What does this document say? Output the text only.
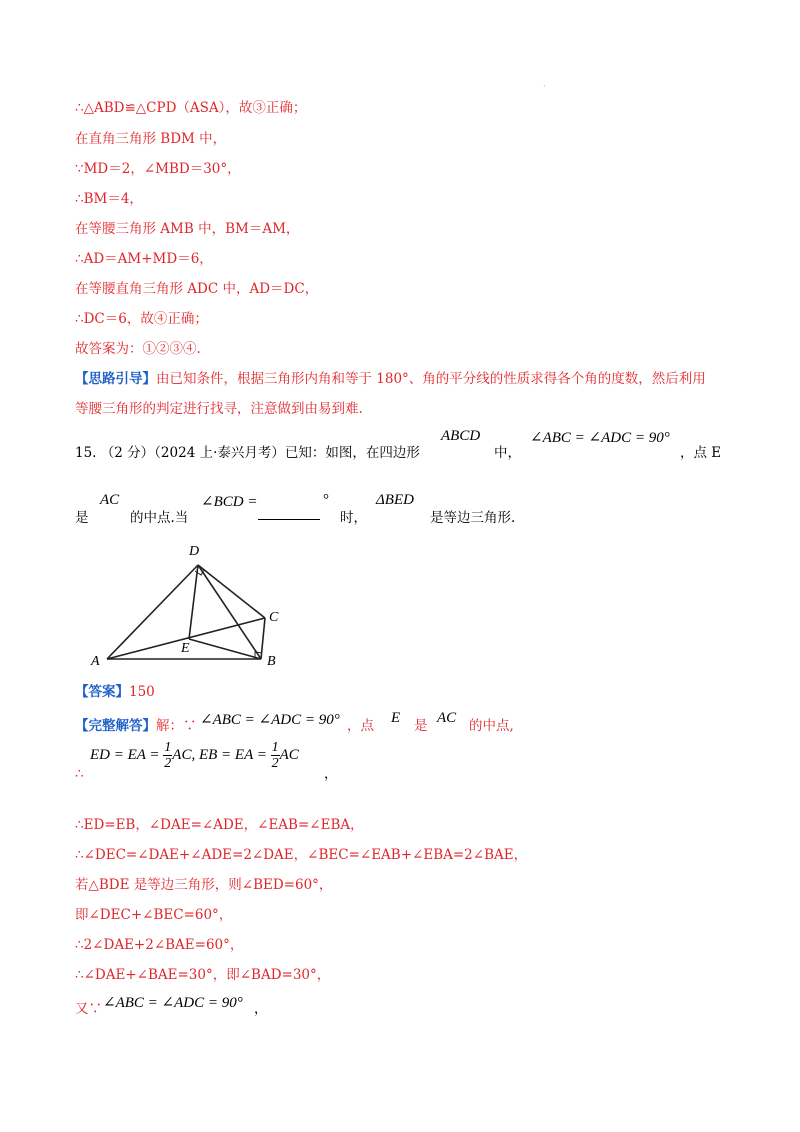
·
∴△ABD≌△CPD（ASA），故③正确；
在直角三角形 BDM 中，
∵MD＝2，∠MBD＝30°，
∴BM＝4，
在等腰三角形 AMB 中，BM＝AM，
∴AD＝AM+MD＝6，
在等腰直角三角形 ADC 中，AD＝DC，
∴DC＝6，故④正确；
故答案为：①②③④.
【思路引导】由已知条件，根据三角形内角和等于 180°、角的平分线的性质求得各个角的度数，然后利用
等腰三角形的判定进行找寻，注意做到由易到难.
15. （2 分）（2024 上·泰兴月考）已知：如图，在四边形
ABCD
中，
∠ABC = ∠ADC = 90°
，点 E
是
AC
的中点.当
∠BCD =	°
时，
ΔBED
是等边三角形.
A	B
C
D
E
【答案】150
【完整解答】解：∵ ∠ABC = ∠ADC = 90° ，点 E 是 AC 的中点,
∴
ED = EA = $\frac{1}{2}$ AC, EB = EA = $\frac{1}{2}$ AC
，
∴ED=EB，∠DAE=∠ADE，∠EAB=∠EBA，
∴∠DEC=∠DAE+∠ADE=2∠DAE，∠BEC=∠EAB+∠EBA=2∠BAE，
若△BDE 是等边三角形，则∠BED=60°，
即∠DEC+∠BEC=60°，
∴2∠DAE+2∠BAE=60°，
∴∠DAE+∠BAE=30°，即∠BAD=30°，
又∵ ∠ABC = ∠ADC = 90° ，
